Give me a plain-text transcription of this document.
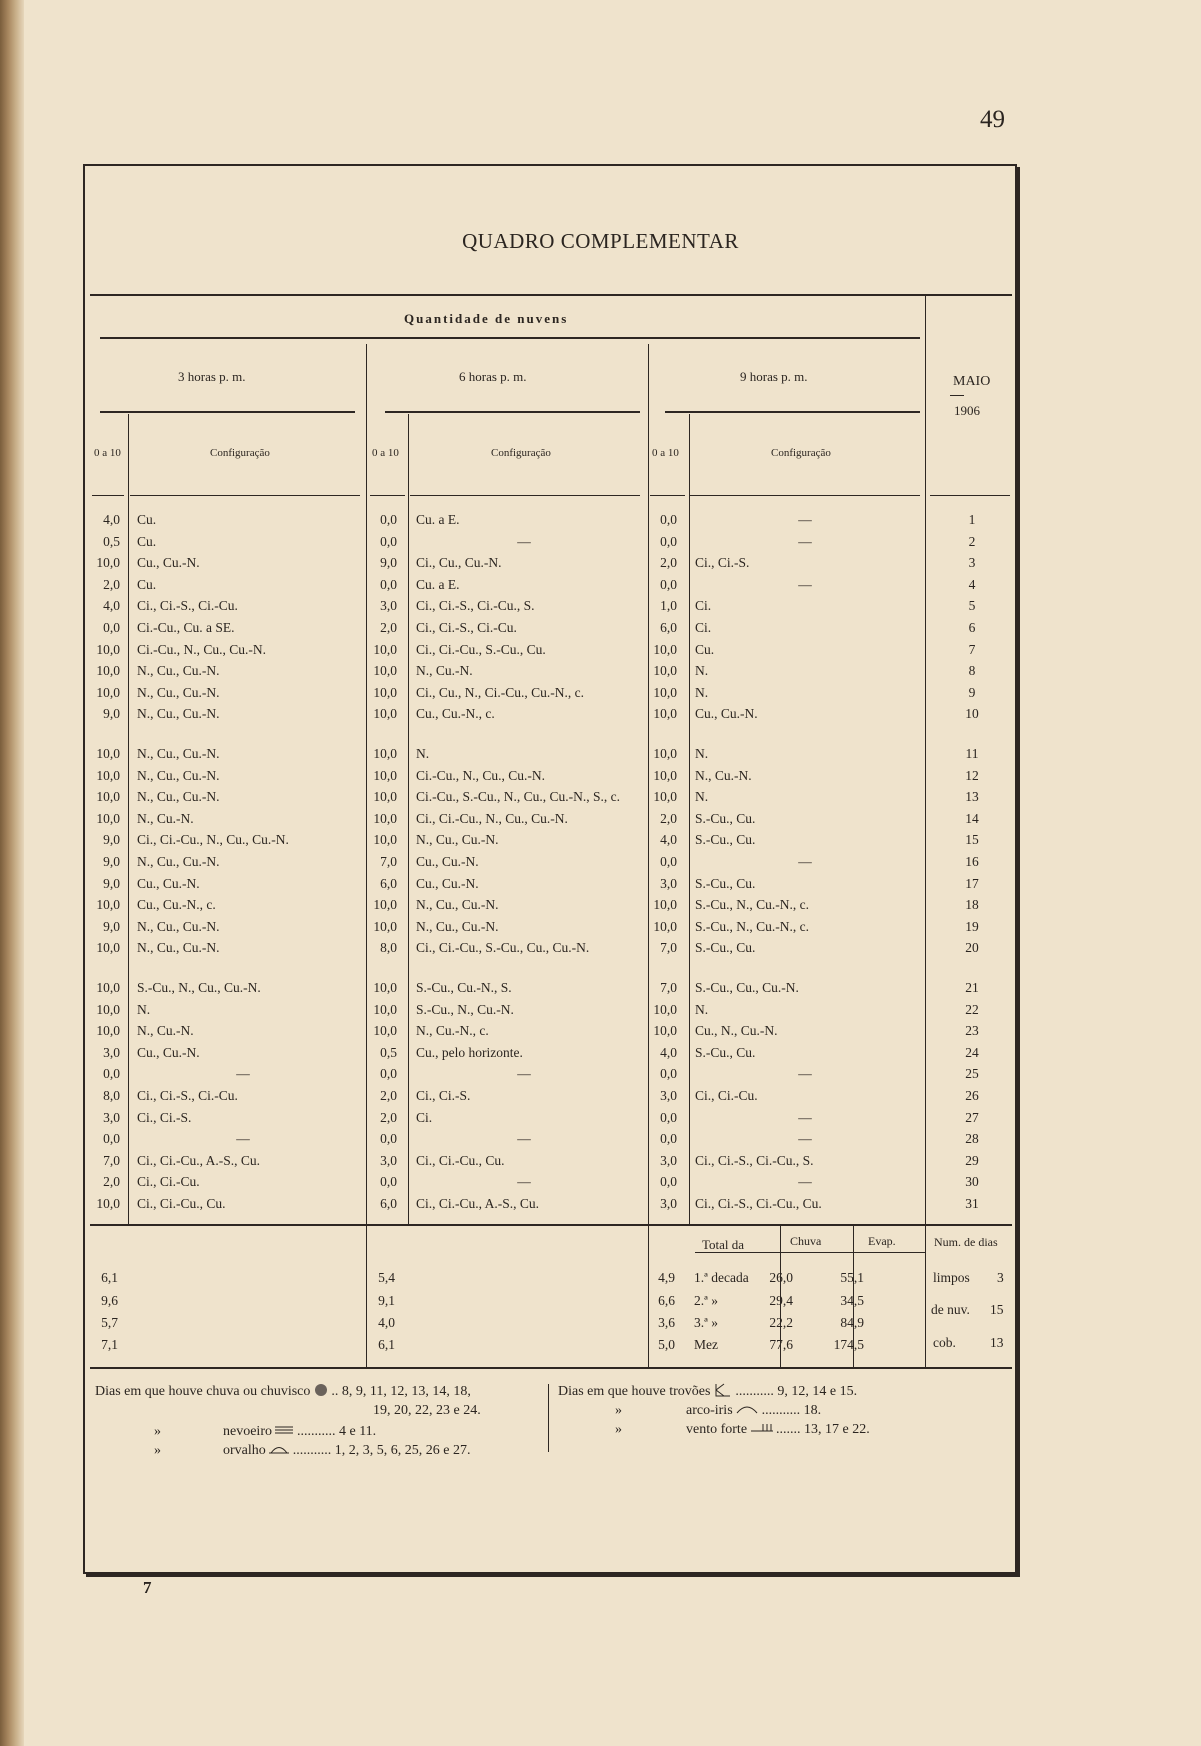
49
QUADRO COMPLEMENTAR
Quantidade de nuvens
3 horas p. m.	6 horas p. m.	9 horas p. m.	MAIO
1906
0 a 10	Configuração	0 a 10	Configuração	0 a 10	Configuração
4,0 Cu.	0,0 Cu. a E.	0,0	—	1
0,5 Cu.	0,0	—	0,0	—	2
10,0 Cu., Cu.-N.	9,0 Ci., Cu., Cu.-N.	2,0 Ci., Ci.-S.	3
2,0 Cu.	0,0 Cu. a E.	0,0	—	4
4,0 Ci., Ci.-S., Ci.-Cu.	3,0 Ci., Ci.-S., Ci.-Cu., S.	1,0 Ci.	5
0,0 Ci.-Cu., Cu. a SE.	2,0 Ci., Ci.-S., Ci.-Cu.	6,0 Ci.	6
10,0 Ci.-Cu., N., Cu., Cu.-N.	10,0 Ci., Ci.-Cu., S.-Cu., Cu.	10,0 Cu.	7
10,0 N., Cu., Cu.-N.	10,0 N., Cu.-N.	10,0 N.	8
10,0 N., Cu., Cu.-N.	10,0 Ci., Cu., N., Ci.-Cu., Cu.-N., c.	10,0 N.	9
9,0 N., Cu., Cu.-N.	10,0 Cu., Cu.-N., c.	10,0 Cu., Cu.-N.	10
10,0 N., Cu., Cu.-N.	10,0 N.	10,0 N.	11
10,0 N., Cu., Cu.-N.	10,0 Ci.-Cu., N., Cu., Cu.-N.	10,0 N., Cu.-N.	12
10,0 N., Cu., Cu.-N.	10,0 Ci.-Cu., S.-Cu., N., Cu., Cu.-N., S., c.	10,0 N.	13
10,0 N., Cu.-N.	10,0 Ci., Ci.-Cu., N., Cu., Cu.-N.	2,0 S.-Cu., Cu.	14
9,0 Ci., Ci.-Cu., N., Cu., Cu.-N.	10,0 N., Cu., Cu.-N.	4,0 S.-Cu., Cu.	15
9,0 N., Cu., Cu.-N.	7,0 Cu., Cu.-N.	0,0	—	16
9,0 Cu., Cu.-N.	6,0 Cu., Cu.-N.	3,0 S.-Cu., Cu.	17
10,0 Cu., Cu.-N., c.	10,0 N., Cu., Cu.-N.	10,0 S.-Cu., N., Cu.-N., c.	18
9,0 N., Cu., Cu.-N.	10,0 N., Cu., Cu.-N.	10,0 S.-Cu., N., Cu.-N., c.	19
10,0 N., Cu., Cu.-N.	8,0 Ci., Ci.-Cu., S.-Cu., Cu., Cu.-N.	7,0 S.-Cu., Cu.	20
10,0 S.-Cu., N., Cu., Cu.-N.	10,0 S.-Cu., Cu.-N., S.	7,0 S.-Cu., Cu., Cu.-N.	21
10,0 N.	10,0 S.-Cu., N., Cu.-N.	10,0 N.	22
10,0 N., Cu.-N.	10,0 N., Cu.-N., c.	10,0 Cu., N., Cu.-N.	23
3,0 Cu., Cu.-N.	0,5 Cu., pelo horizonte.	4,0 S.-Cu., Cu.	24
0,0	—	0,0	—	0,0	—	25
8,0 Ci., Ci.-S., Ci.-Cu.	2,0 Ci., Ci.-S.	3,0 Ci., Ci.-Cu.	26
3,0 Ci., Ci.-S.	2,0 Ci.	0,0	—	27
0,0	—	0,0	—	0,0	—	28
7,0 Ci., Ci.-Cu., A.-S., Cu.	3,0 Ci., Ci.-Cu., Cu.	3,0 Ci., Ci.-S., Ci.-Cu., S.	29
2,0 Ci., Ci.-Cu.	0,0	—	0,0	—	30
10,0 Ci., Ci.-Cu., Cu.	6,0 Ci., Ci.-Cu., A.-S., Cu.	3,0 Ci., Ci.-S., Ci.-Cu., Cu.	31
Total da	Chuva	Evap.	Num. de dias
6,1	5,4	4,9 1.ª decada	26,0	55,1
9,6	9,1	6,6 2.ª »	29,4	34,5
5,7	4,0	3,6 3.ª »	22,2	84,9
7,1	6,1	5,0 Mez	77,6	174,5
limpos 3
de nuv. 15
cob.	13
Dias em que houve chuva ou chuvisco .. 8, 9, 11, 12, 13, 14, 18,
19, 20, 22, 23 e 24.
»	nevoeiro ........... 4 e 11.
»	orvalho ........... 1, 2, 3, 5, 6, 25, 26 e 27.
Dias em que houve trovões ........... 9, 12, 14 e 15.
»	arco-iris ........... 18.
»	vento forte ....... 13, 17 e 22.
7
